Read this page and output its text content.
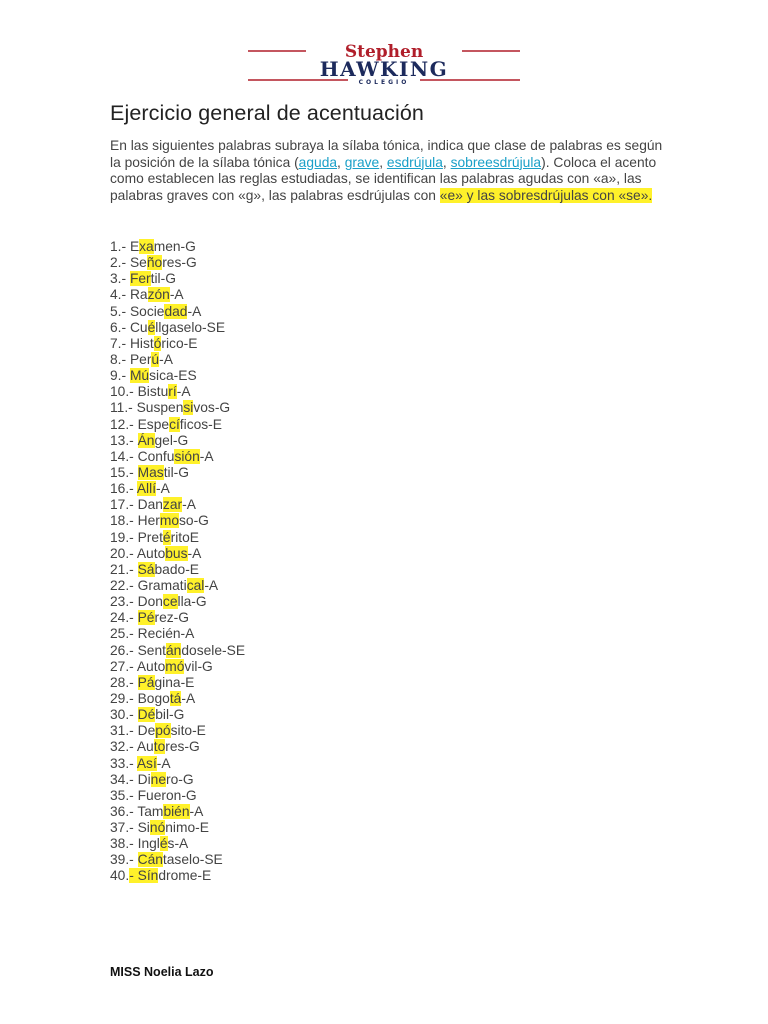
Stephen
HAWKING
COLEGIO
Ejercicio general de acentuación

En las siguientes palabras subraya la sílaba tónica, indica que clase de palabras es según la posición de la sílaba tónica (aguda, grave, esdrújula, sobreesdrújula). Coloca el acento como establecen las reglas estudiadas, se identifican las palabras agudas con «a», las palabras graves con «g», las palabras esdrújulas con «e» y las sobresdrújulas con «se».

1.- Examen-G
2.- Señores-G
3.- Fertil-G
4.- Razón-A
5.- Sociedad-A
6.- Cuéllgaselo-SE
7.- Histórico-E
8.- Perú-A
9.- Música-ES
10.- Bisturí-A
11.- Suspensivos-G
12.- Específicos-E
13.- Ángel-G
14.- Confusión-A
15.- Mastil-G
16.- Allí-A
17.- Danzar-A
18.- Hermoso-G
19.- PretéritoE
20.- Autobus-A
21.- Sábado-E
22.- Gramatical-A
23.- Doncella-G
24.- Pérez-G
25.- Recién-A
26.- Sentándosele-SE
27.- Automóvil-G
28.- Página-E
29.- Bogotá-A
30.- Débil-G
31.- Depósito-E
32.- Autores-G
33.- Así-A
34.- Dinero-G
35.- Fueron-G
36.- También-A
37.- Sinónimo-E
38.- Inglés-A
39.- Cántaselo-SE
40.- Síndrome-E
MISS Noelia Lazo
